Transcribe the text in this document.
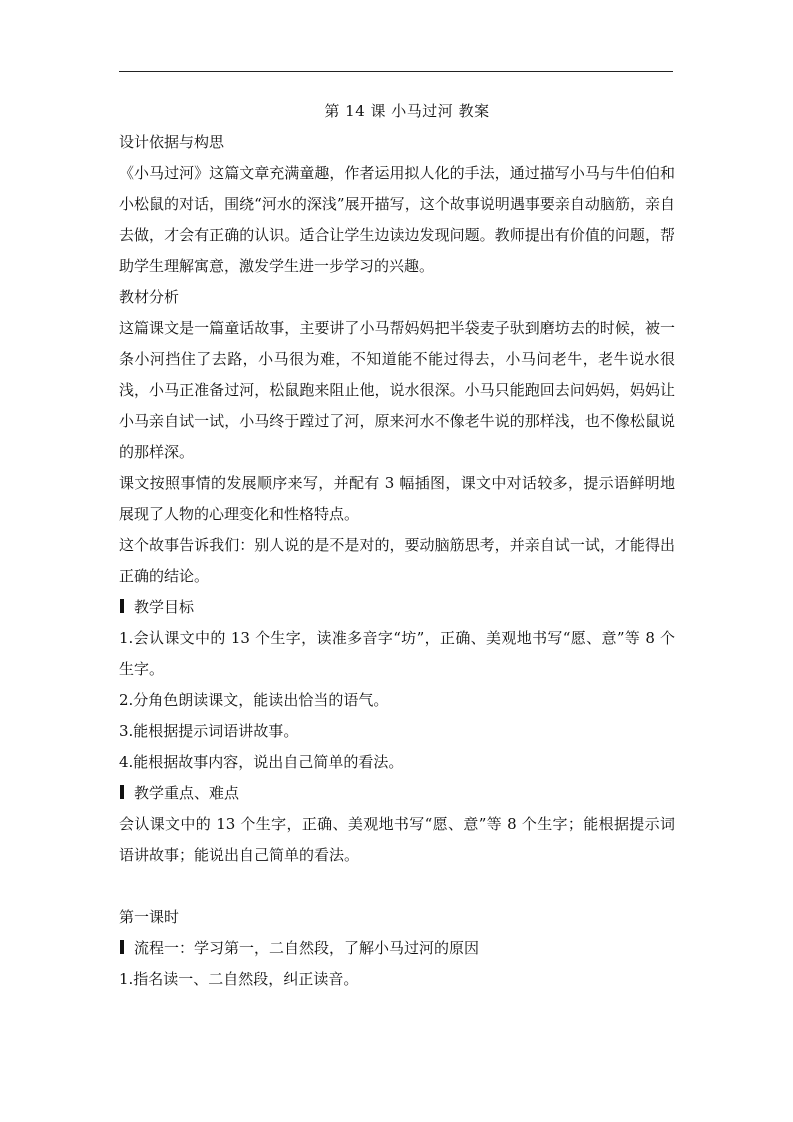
第 14 课 小马过河 教案

设计依据与构思

《小马过河》这篇文章充满童趣，作者运用拟人化的手法，通过描写小马与牛伯伯和小松鼠的对话，围绕“河水的深浅”展开描写，这个故事说明遇事要亲自动脑筋，亲自去做，才会有正确的认识。适合让学生边读边发现问题。教师提出有价值的问题，帮助学生理解寓意，激发学生进一步学习的兴趣。

教材分析

这篇课文是一篇童话故事，主要讲了小马帮妈妈把半袋麦子驮到磨坊去的时候，被一条小河挡住了去路，小马很为难，不知道能不能过得去，小马问老牛，老牛说水很浅，小马正准备过河，松鼠跑来阻止他，说水很深。小马只能跑回去问妈妈，妈妈让小马亲自试一试，小马终于蹚过了河，原来河水不像老牛说的那样浅，也不像松鼠说的那样深。

课文按照事情的发展顺序来写，并配有 3 幅插图，课文中对话较多，提示语鲜明地展现了人物的心理变化和性格特点。

这个故事告诉我们：别人说的是不是对的，要动脑筋思考，并亲自试一试，才能得出正确的结论。

教学目标

1.会认课文中的 13 个生字，读准多音字“坊”，正确、美观地书写“愿、意”等 8 个生字。

2.分角色朗读课文，能读出恰当的语气。

3.能根据提示词语讲故事。

4.能根据故事内容，说出自己简单的看法。

教学重点、难点

会认课文中的 13 个生字，正确、美观地书写“愿、意”等 8 个生字；能根据提示词语讲故事；能说出自己简单的看法。

第一课时

流程一：学习第一，二自然段，了解小马过河的原因

1.指名读一、二自然段，纠正读音。
